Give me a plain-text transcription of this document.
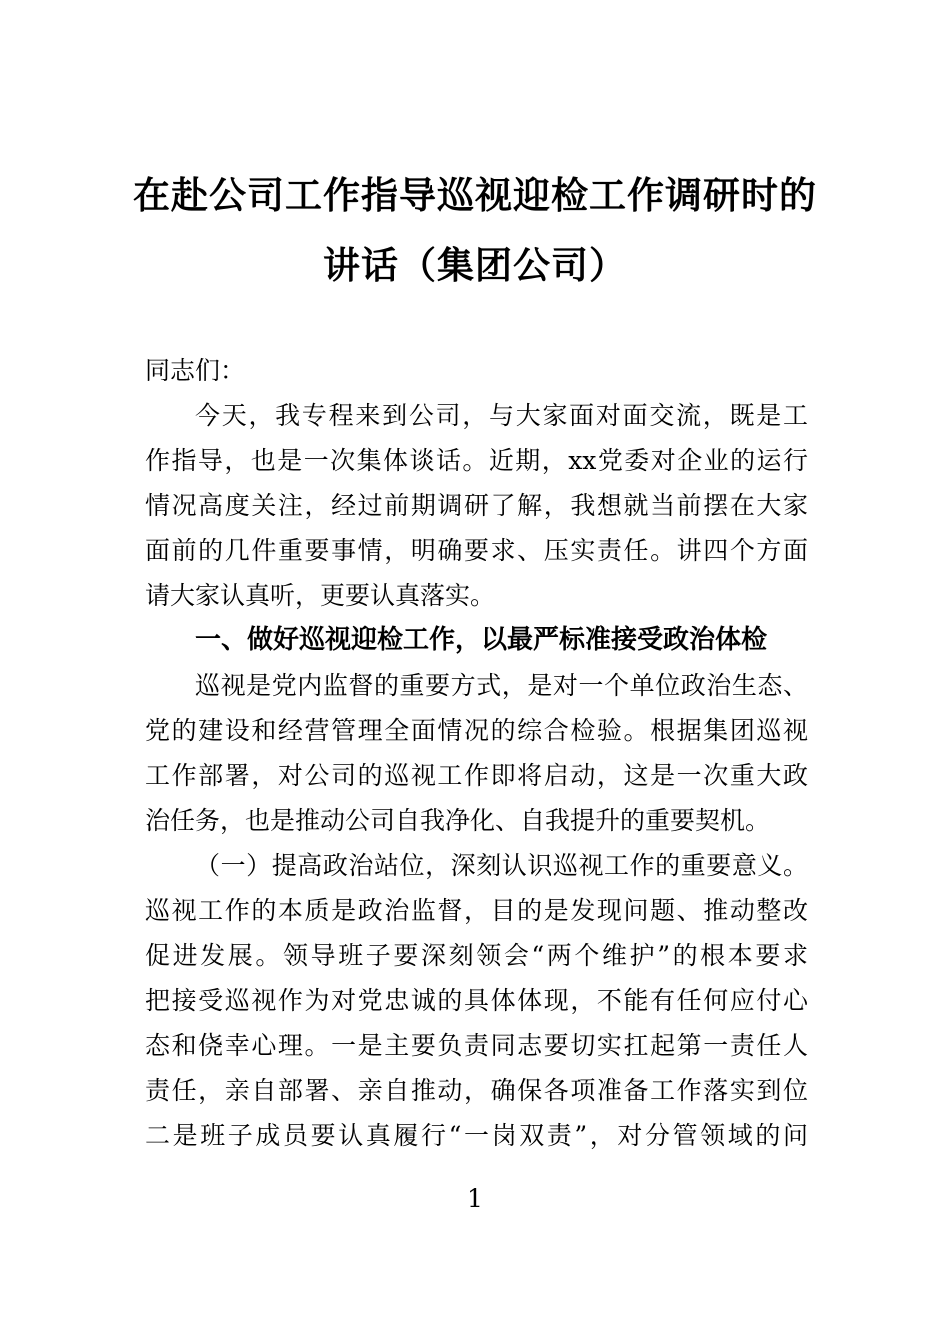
在赴公司工作指导巡视迎检工作调研时的
讲话（集团公司）
同志们：
今天，我专程来到公司，与大家面对面交流，既是工
作指导，也是一次集体谈话。近期，xx党委对企业的运行
情况高度关注，经过前期调研了解，我想就当前摆在大家
面前的几件重要事情，明确要求、压实责任。讲四个方面
请大家认真听，更要认真落实。
一、做好巡视迎检工作，以最严标准接受政治体检
巡视是党内监督的重要方式，是对一个单位政治生态、
党的建设和经营管理全面情况的综合检验。根据集团巡视
工作部署，对公司的巡视工作即将启动，这是一次重大政
治任务，也是推动公司自我净化、自我提升的重要契机。
（一）提高政治站位，深刻认识巡视工作的重要意义。
巡视工作的本质是政治监督，目的是发现问题、推动整改
促进发展。领导班子要深刻领会“两个维护”的根本要求
把接受巡视作为对党忠诚的具体体现，不能有任何应付心
态和侥幸心理。一是主要负责同志要切实扛起第一责任人
责任，亲自部署、亲自推动，确保各项准备工作落实到位
二是班子成员要认真履行“一岗双责”，对分管领域的问
1
